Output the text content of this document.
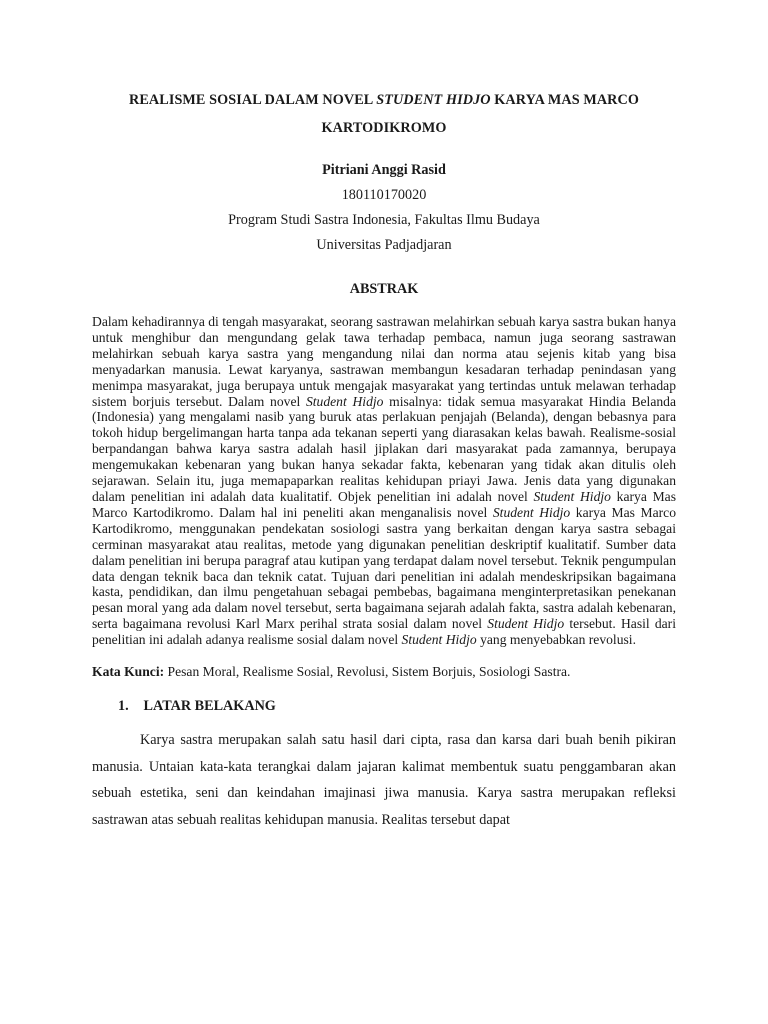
REALISME SOSIAL DALAM NOVEL STUDENT HIDJO KARYA MAS MARCO KARTODIKROMO
Pitriani Anggi Rasid
180110170020
Program Studi Sastra Indonesia, Fakultas Ilmu Budaya
Universitas Padjadjaran
ABSTRAK
Dalam kehadirannya di tengah masyarakat, seorang sastrawan melahirkan sebuah karya sastra bukan hanya untuk menghibur dan mengundang gelak tawa terhadap pembaca, namun juga seorang sastrawan melahirkan sebuah karya sastra yang mengandung nilai dan norma atau sejenis kitab yang bisa menyadarkan manusia. Lewat karyanya, sastrawan membangun kesadaran terhadap penindasan yang menimpa masyarakat, juga berupaya untuk mengajak masyarakat yang tertindas untuk melawan terhadap sistem borjuis tersebut. Dalam novel Student Hidjo misalnya: tidak semua masyarakat Hindia Belanda (Indonesia) yang mengalami nasib yang buruk atas perlakuan penjajah (Belanda), dengan bebasnya para tokoh hidup bergelimangan harta tanpa ada tekanan seperti yang diarasakan kelas bawah. Realisme-sosial berpandangan bahwa karya sastra adalah hasil jiplakan dari masyarakat pada zamannya, berupaya mengemukakan kebenaran yang bukan hanya sekadar fakta, kebenaran yang tidak akan ditulis oleh sejarawan. Selain itu, juga memapaparkan realitas kehidupan priayi Jawa. Jenis data yang digunakan dalam penelitian ini adalah data kualitatif. Objek penelitian ini adalah novel Student Hidjo karya Mas Marco Kartodikromo. Dalam hal ini peneliti akan menganalisis novel Student Hidjo karya Mas Marco Kartodikromo, menggunakan pendekatan sosiologi sastra yang berkaitan dengan karya sastra sebagai cerminan masyarakat atau realitas, metode yang digunakan penelitian deskriptif kualitatif. Sumber data dalam penelitian ini berupa paragraf atau kutipan yang terdapat dalam novel tersebut. Teknik pengumpulan data dengan teknik baca dan teknik catat. Tujuan dari penelitian ini adalah mendeskripsikan bagaimana kasta, pendidikan, dan ilmu pengetahuan sebagai pembebas, bagaimana menginterpretasikan penekanan pesan moral yang ada dalam novel tersebut, serta bagaimana sejarah adalah fakta, sastra adalah kebenaran, serta bagaimana revolusi Karl Marx perihal strata sosial dalam novel Student Hidjo tersebut. Hasil dari penelitian ini adalah adanya realisme sosial dalam novel Student Hidjo yang menyebabkan revolusi.
Kata Kunci: Pesan Moral, Realisme Sosial, Revolusi, Sistem Borjuis, Sosiologi Sastra.
1. LATAR BELAKANG
Karya sastra merupakan salah satu hasil dari cipta, rasa dan karsa dari buah benih pikiran manusia. Untaian kata-kata terangkai dalam jajaran kalimat membentuk suatu penggambaran akan sebuah estetika, seni dan keindahan imajinasi jiwa manusia. Karya sastra merupakan refleksi sastrawan atas sebuah realitas kehidupan manusia. Realitas tersebut dapat
